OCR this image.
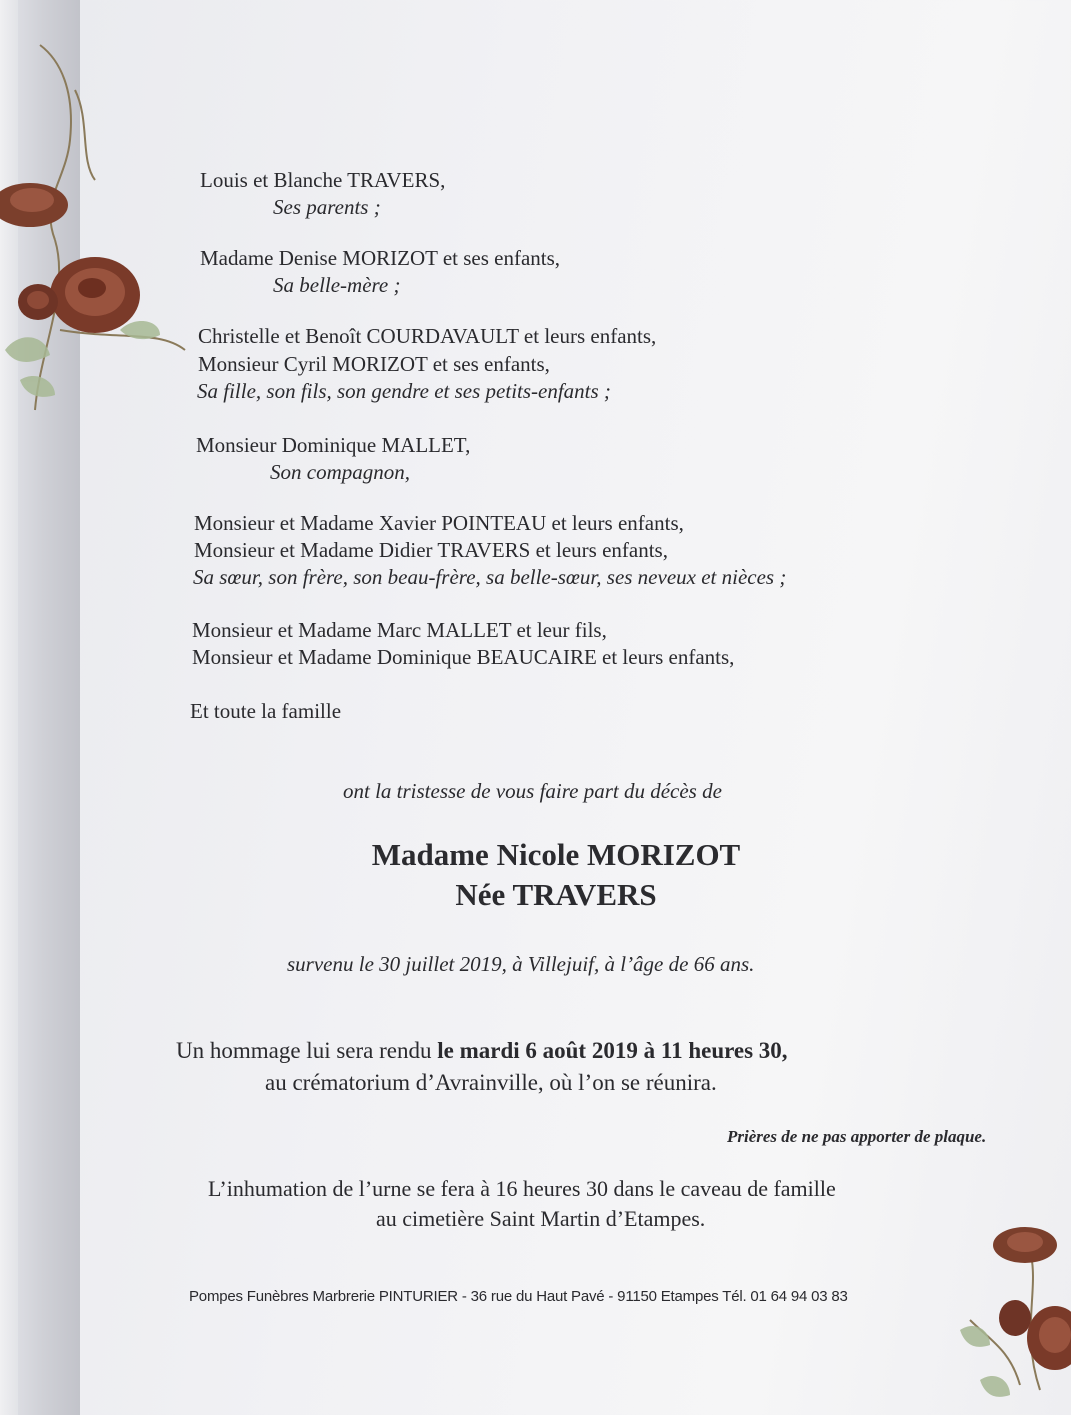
Louis et Blanche TRAVERS,
Ses parents ;
Madame Denise MORIZOT et ses enfants,
Sa belle-mère ;
Christelle et Benoît COURDAVAULT et leurs enfants,
Monsieur Cyril MORIZOT et ses enfants,
Sa fille, son fils, son gendre et ses petits-enfants ;
Monsieur Dominique MALLET,
Son compagnon,
Monsieur et Madame Xavier POINTEAU et leurs enfants,
Monsieur et Madame Didier TRAVERS et leurs enfants,
Sa sœur, son frère, son beau-frère, sa belle-sœur, ses neveux et nièces ;
Monsieur et Madame Marc MALLET et leur fils,
Monsieur et Madame Dominique BEAUCAIRE et leurs enfants,
Et toute la famille
ont la tristesse de vous faire part du décès de
Madame Nicole MORIZOT
Née TRAVERS
survenu le 30 juillet 2019, à Villejuif, à l’âge de 66 ans.
Un hommage lui sera rendu le mardi 6 août 2019 à 11 heures 30,
au crématorium d’Avrainville, où l’on se réunira.
Prières de ne pas apporter de plaque.
L’inhumation de l’urne se fera à 16 heures 30 dans le caveau de famille
au cimetière Saint Martin d’Etampes.
Pompes Funèbres Marbrerie PINTURIER - 36 rue du Haut Pavé - 91150 Etampes Tél. 01 64 94 03 83
